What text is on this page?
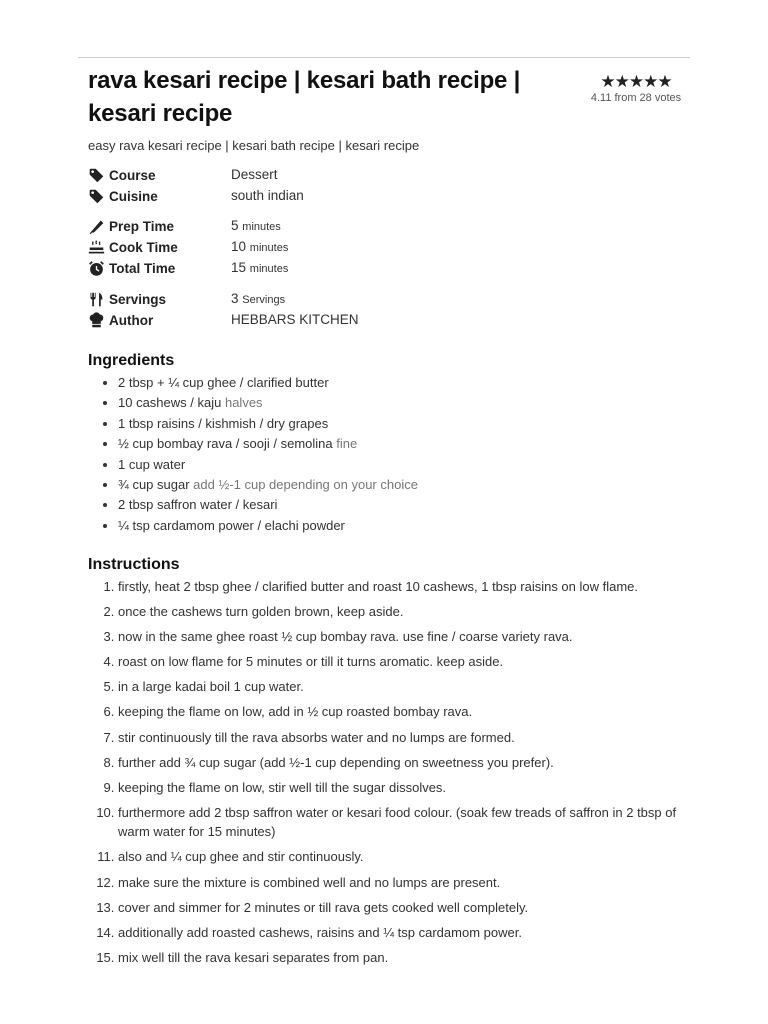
rava kesari recipe | kesari bath recipe | kesari recipe
★★★★★
4.11 from 28 votes
easy rava kesari recipe | kesari bath recipe | kesari recipe
Course	Dessert
Cuisine	south indian
Prep Time	5 minutes
Cook Time	10 minutes
Total Time	15 minutes
Servings	3 Servings
Author	HEBBARS KITCHEN
Ingredients
• 2 tbsp + ¼ cup ghee / clarified butter
• 10 cashews / kaju halves
• 1 tbsp raisins / kishmish / dry grapes
• ½ cup bombay rava / sooji / semolina fine
• 1 cup water
• ¾ cup sugar add ½-1 cup depending on your choice
• 2 tbsp saffron water / kesari
• ¼ tsp cardamom power / elachi powder
Instructions
1. firstly, heat 2 tbsp ghee / clarified butter and roast 10 cashews, 1 tbsp raisins on low flame.
2. once the cashews turn golden brown, keep aside.
3. now in the same ghee roast ½ cup bombay rava. use fine / coarse variety rava.
4. roast on low flame for 5 minutes or till it turns aromatic. keep aside.
5. in a large kadai boil 1 cup water.
6. keeping the flame on low, add in ½ cup roasted bombay rava.
7. stir continuously till the rava absorbs water and no lumps are formed.
8. further add ¾ cup sugar (add ½-1 cup depending on sweetness you prefer).
9. keeping the flame on low, stir well till the sugar dissolves.
10. furthermore add 2 tbsp saffron water or kesari food colour. (soak few treads of saffron in 2 tbsp of warm water for 15 minutes)
11. also and ¼ cup ghee and stir continuously.
12. make sure the mixture is combined well and no lumps are present.
13. cover and simmer for 2 minutes or till rava gets cooked well completely.
14. additionally add roasted cashews, raisins and ¼ tsp cardamom power.
15. mix well till the rava kesari separates from pan.
